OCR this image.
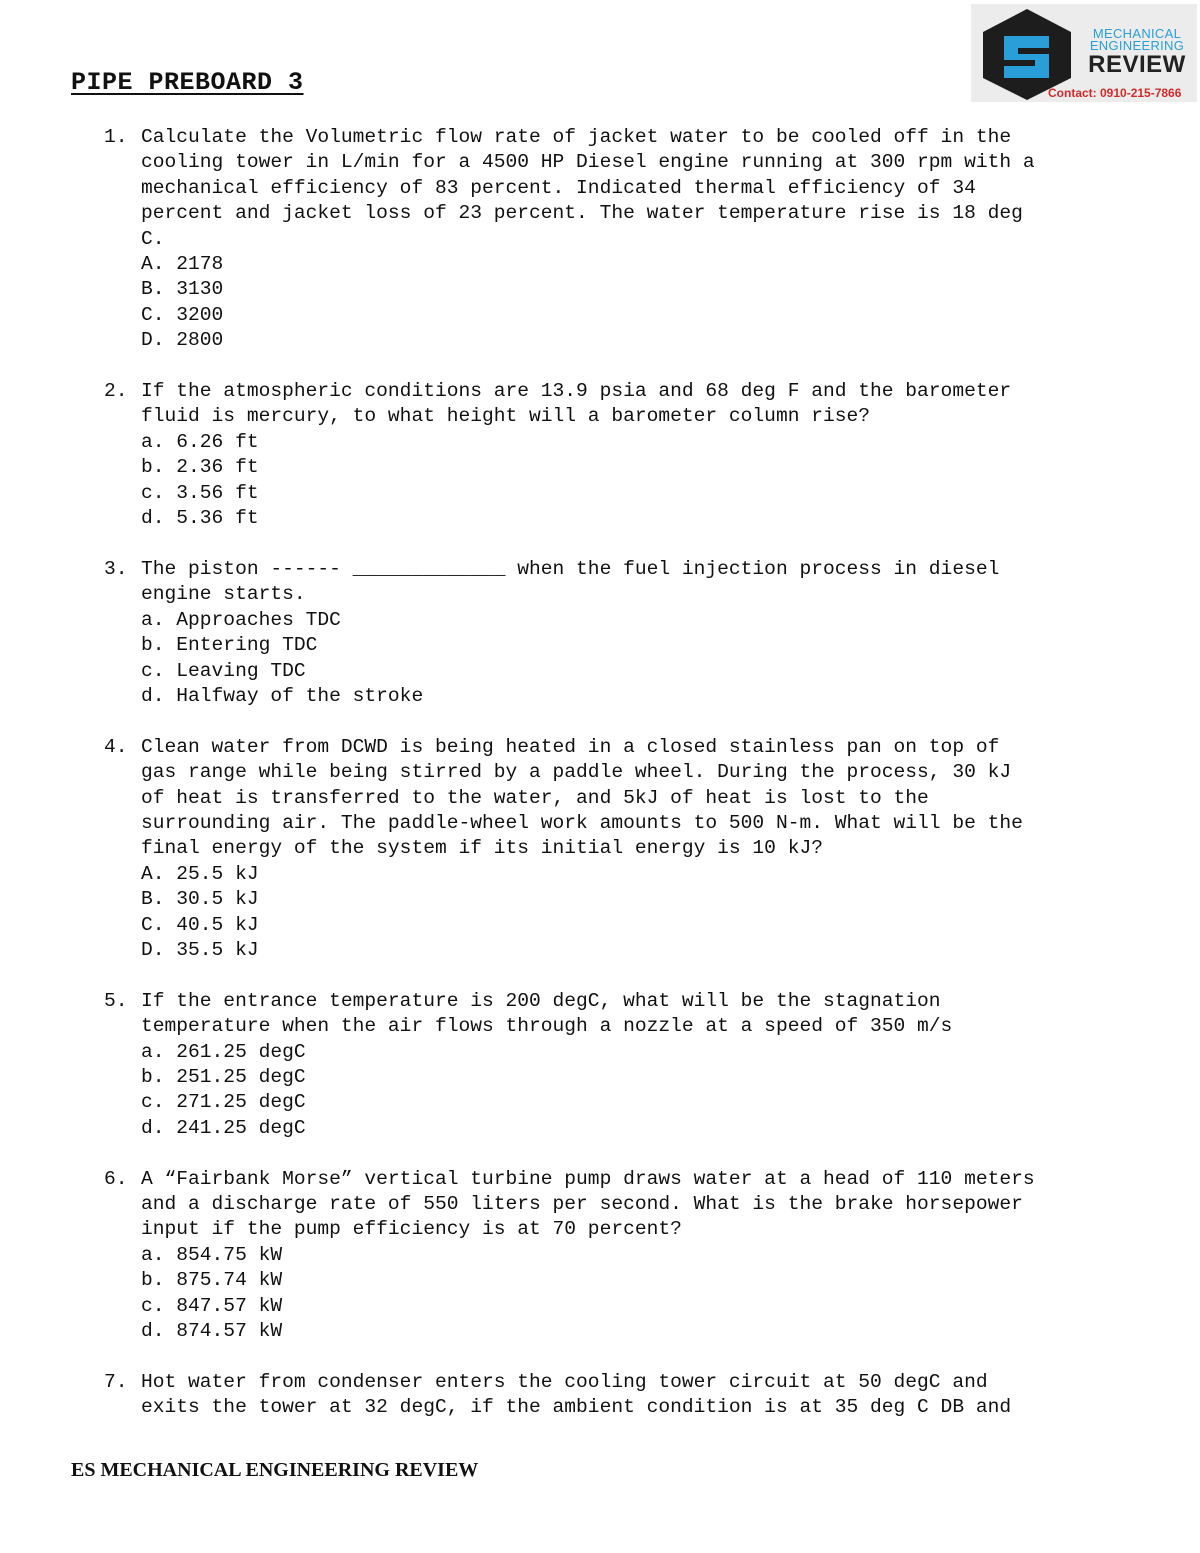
MECHANICAL
ENGINEERING
REVIEW
Contact: 0910-215-7866
PIPE PREBOARD 3
1. Calculate the Volumetric flow rate of jacket water to be cooled off in the
cooling tower in L/min for a 4500 HP Diesel engine running at 300 rpm with a
mechanical efficiency of 83 percent. Indicated thermal efficiency of 34
percent and jacket loss of 23 percent. The water temperature rise is 18 deg
C.
A. 2178
B. 3130
C. 3200
D. 2800
2. If the atmospheric conditions are 13.9 psia and 68 deg F and the barometer
fluid is mercury, to what height will a barometer column rise?
a. 6.26 ft
b. 2.36 ft
c. 3.56 ft
d. 5.36 ft
3. The piston ------ _____________ when the fuel injection process in diesel
engine starts.
a. Approaches TDC
b. Entering TDC
c. Leaving TDC
d. Halfway of the stroke
4. Clean water from DCWD is being heated in a closed stainless pan on top of
gas range while being stirred by a paddle wheel. During the process, 30 kJ
of heat is transferred to the water, and 5kJ of heat is lost to the
surrounding air. The paddle-wheel work amounts to 500 N-m. What will be the
final energy of the system if its initial energy is 10 kJ?
A. 25.5 kJ
B. 30.5 kJ
C. 40.5 kJ
D. 35.5 kJ
5. If the entrance temperature is 200 degC, what will be the stagnation
temperature when the air flows through a nozzle at a speed of 350 m/s
a. 261.25 degC
b. 251.25 degC
c. 271.25 degC
d. 241.25 degC
6. A “Fairbank Morse” vertical turbine pump draws water at a head of 110 meters
and a discharge rate of 550 liters per second. What is the brake horsepower
input if the pump efficiency is at 70 percent?
a. 854.75 kW
b. 875.74 kW
c. 847.57 kW
d. 874.57 kW
7. Hot water from condenser enters the cooling tower circuit at 50 degC and
exits the tower at 32 degC, if the ambient condition is at 35 deg C DB and
ES MECHANICAL ENGINEERING REVIEW
